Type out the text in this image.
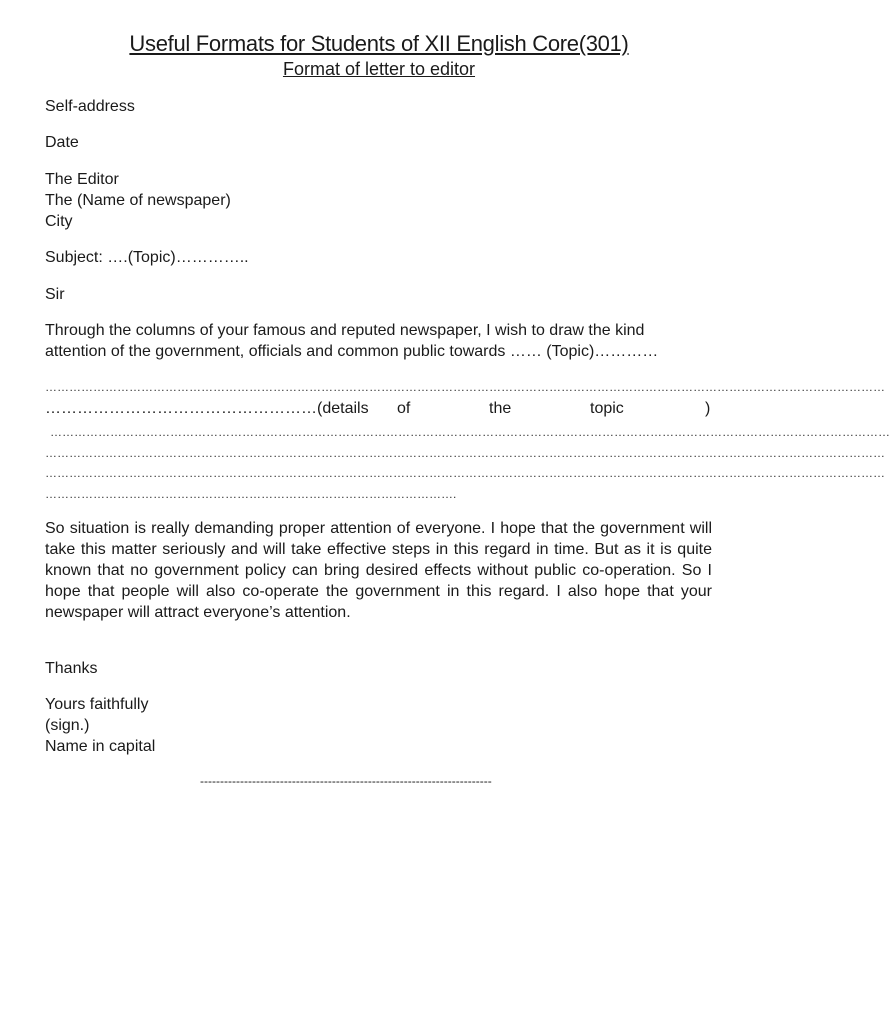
Useful Formats for Students of XII English Core(301)
Format of letter to editor
Self-address
Date
The Editor
The (Name of newspaper)
City
Subject: ….(Topic)…………..
Sir
Through the columns of your famous and reputed newspaper, I wish to draw the kind
attention of the government, officials and common public towards …… (Topic)…………
…………………………………………………………………………………………………………………………………………………………………………………………
……………………………………………(details of	the	topic	)
…………………………………………………………………………………………………………………………………………………………………………………………
…………………………………………………………………………………………………………………………………………………………………………………………
…………………………………………………………………………………………………………………………………………………………………………………………
………………………………………………………………………………………….

So situation is really demanding proper attention of everyone. I hope that the government will take this matter seriously and will take effective steps in this regard in time. But as it is quite known that no government policy can bring desired effects without public co-operation. So I hope that people will also co-operate the government in this regard. I also hope that your newspaper will attract everyone’s attention.

Thanks
Yours faithfully
(sign.)
Name in capital
-------------------------------------------------------------------------
